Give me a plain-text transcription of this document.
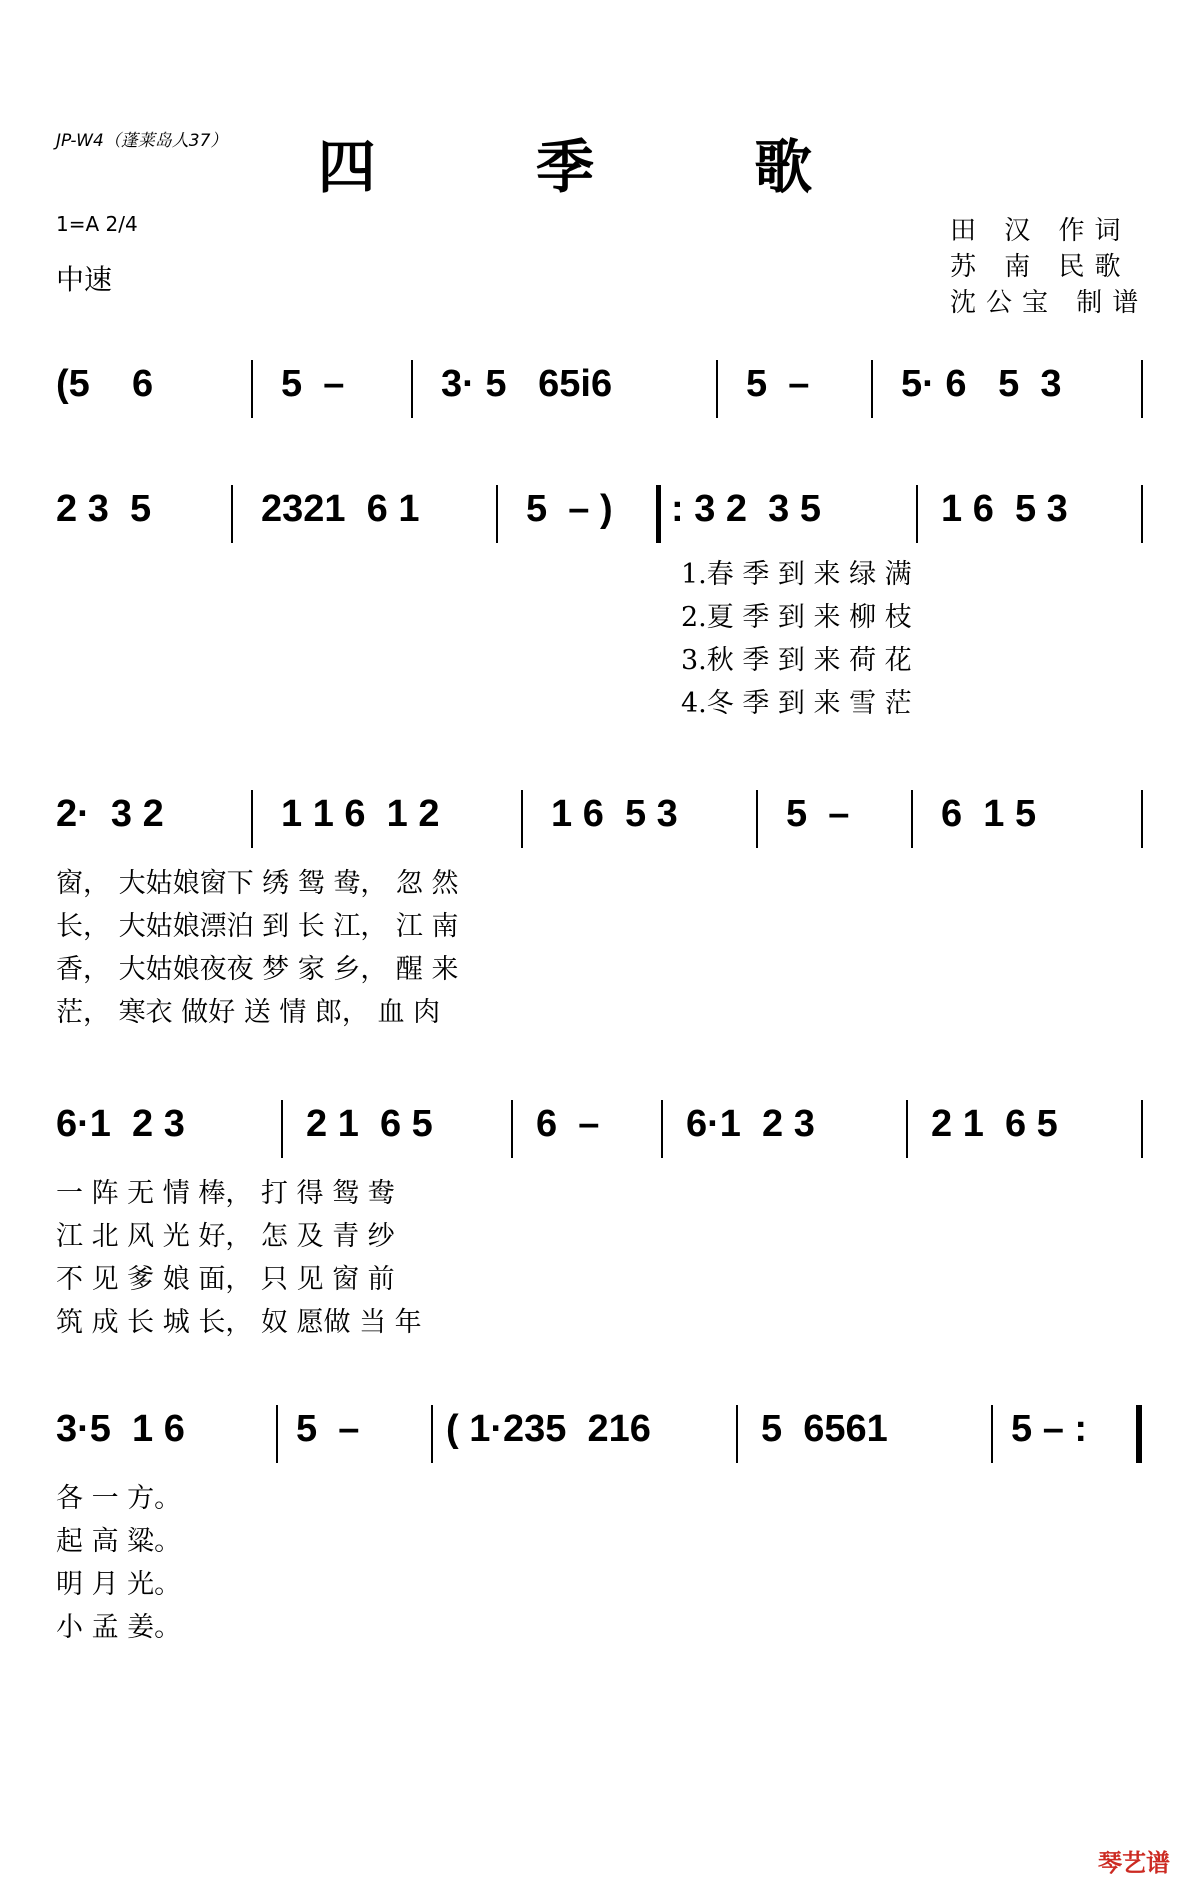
JP-W4（蓬莱岛人37）	四 季 歌
1=A 2/4
中速
田 汉 作词
苏 南 民歌
沈公宝 制谱
(5    6	5  –	3· 5   65i6	5  – 5· 6   5  3
2 3  5	2321  6 1	5  – ) : 3 2  3 5	1 6  5 3
1.春 季 到 来 绿 满
2.夏 季 到 来 柳 枝
3.秋 季 到 来 荷 花
4.冬 季 到 来 雪 茫
2·  3 2	1 1 6  1 2	1 6  5 3	5  – 6  1 5
窗， 大姑娘窗下 绣 鸳 鸯， 忽 然
长， 大姑娘漂泊 到 长 江， 江 南
香， 大姑娘夜夜 梦 家 乡， 醒 来
茫， 寒衣 做好 送 情 郎， 血 肉
6·1  2 3	2 1  6 5	6  – 6·1  2 3	2 1  6 5
一 阵 无 情 棒， 打 得 鸳 鸯
江 北 风 光 好， 怎 及 青 纱
不 见 爹 娘 面， 只 见 窗 前
筑 成 长 城 长， 奴 愿做 当 年
3·5  1 6	5  – ( 1·235  216	5  6561	5 – :
各 一 方。
起 高 粱。
明 月 光。
小 孟 姜。
琴艺谱
